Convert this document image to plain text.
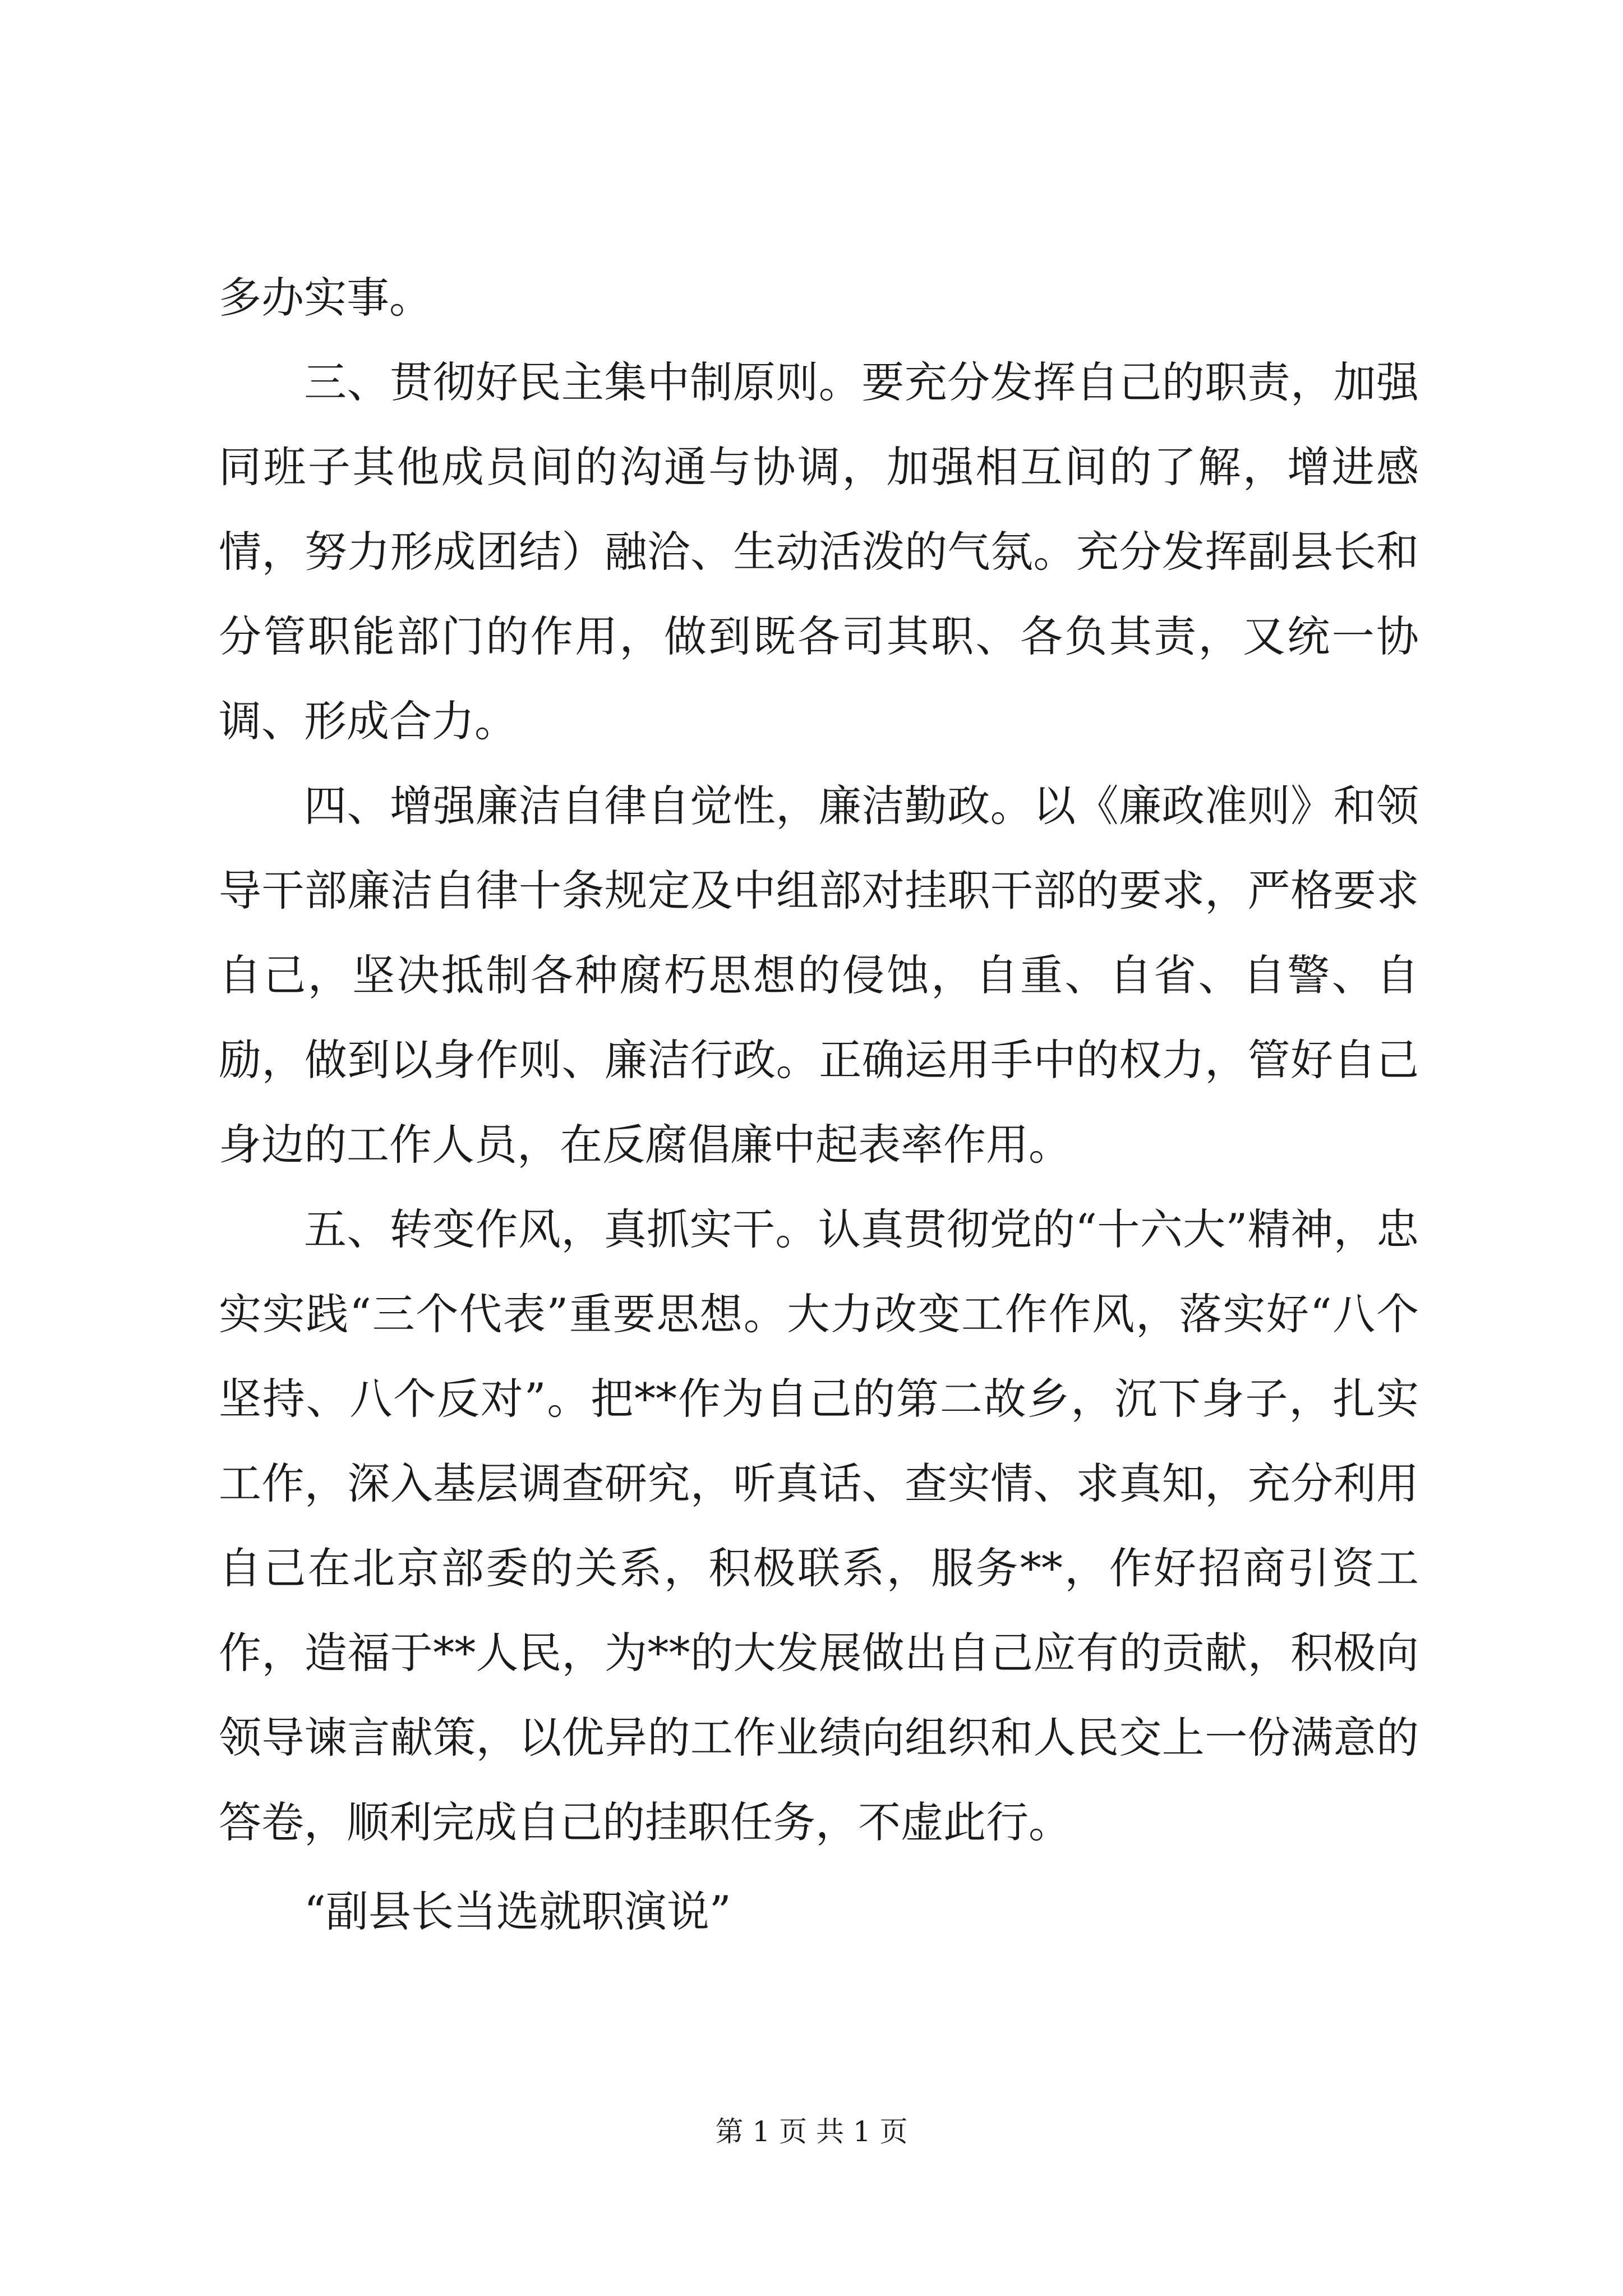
多办实事。

三、贯彻好民主集中制原则。要充分发挥自己的职责，加强同班子其他成员间的沟通与协调，加强相互间的了解，增进感情，努力形成团结）融洽、生动活泼的气氛。充分发挥副县长和分管职能部门的作用，做到既各司其职、各负其责，又统一协调、形成合力。

四、增强廉洁自律自觉性，廉洁勤政。以《廉政准则》和领导干部廉洁自律十条规定及中组部对挂职干部的要求，严格要求自己，坚决抵制各种腐朽思想的侵蚀，自重、自省、自警、自励，做到以身作则、廉洁行政。正确运用手中的权力，管好自己身边的工作人员，在反腐倡廉中起表率作用。

五、转变作风，真抓实干。认真贯彻党的“十六大”精神，忠实实践“三个代表”重要思想。大力改变工作作风，落实好“八个坚持、八个反对”。把**作为自己的第二故乡，沉下身子，扎实工作，深入基层调查研究，听真话、查实情、求真知，充分利用自己在北京部委的关系，积极联系，服务**，作好招商引资工作，造福于**人民，为**的大发展做出自己应有的贡献，积极向领导谏言献策，以优异的工作业绩向组织和人民交上一份满意的答卷，顺利完成自己的挂职任务，不虚此行。

“副县长当选就职演说”

第 1 页 共 1 页
